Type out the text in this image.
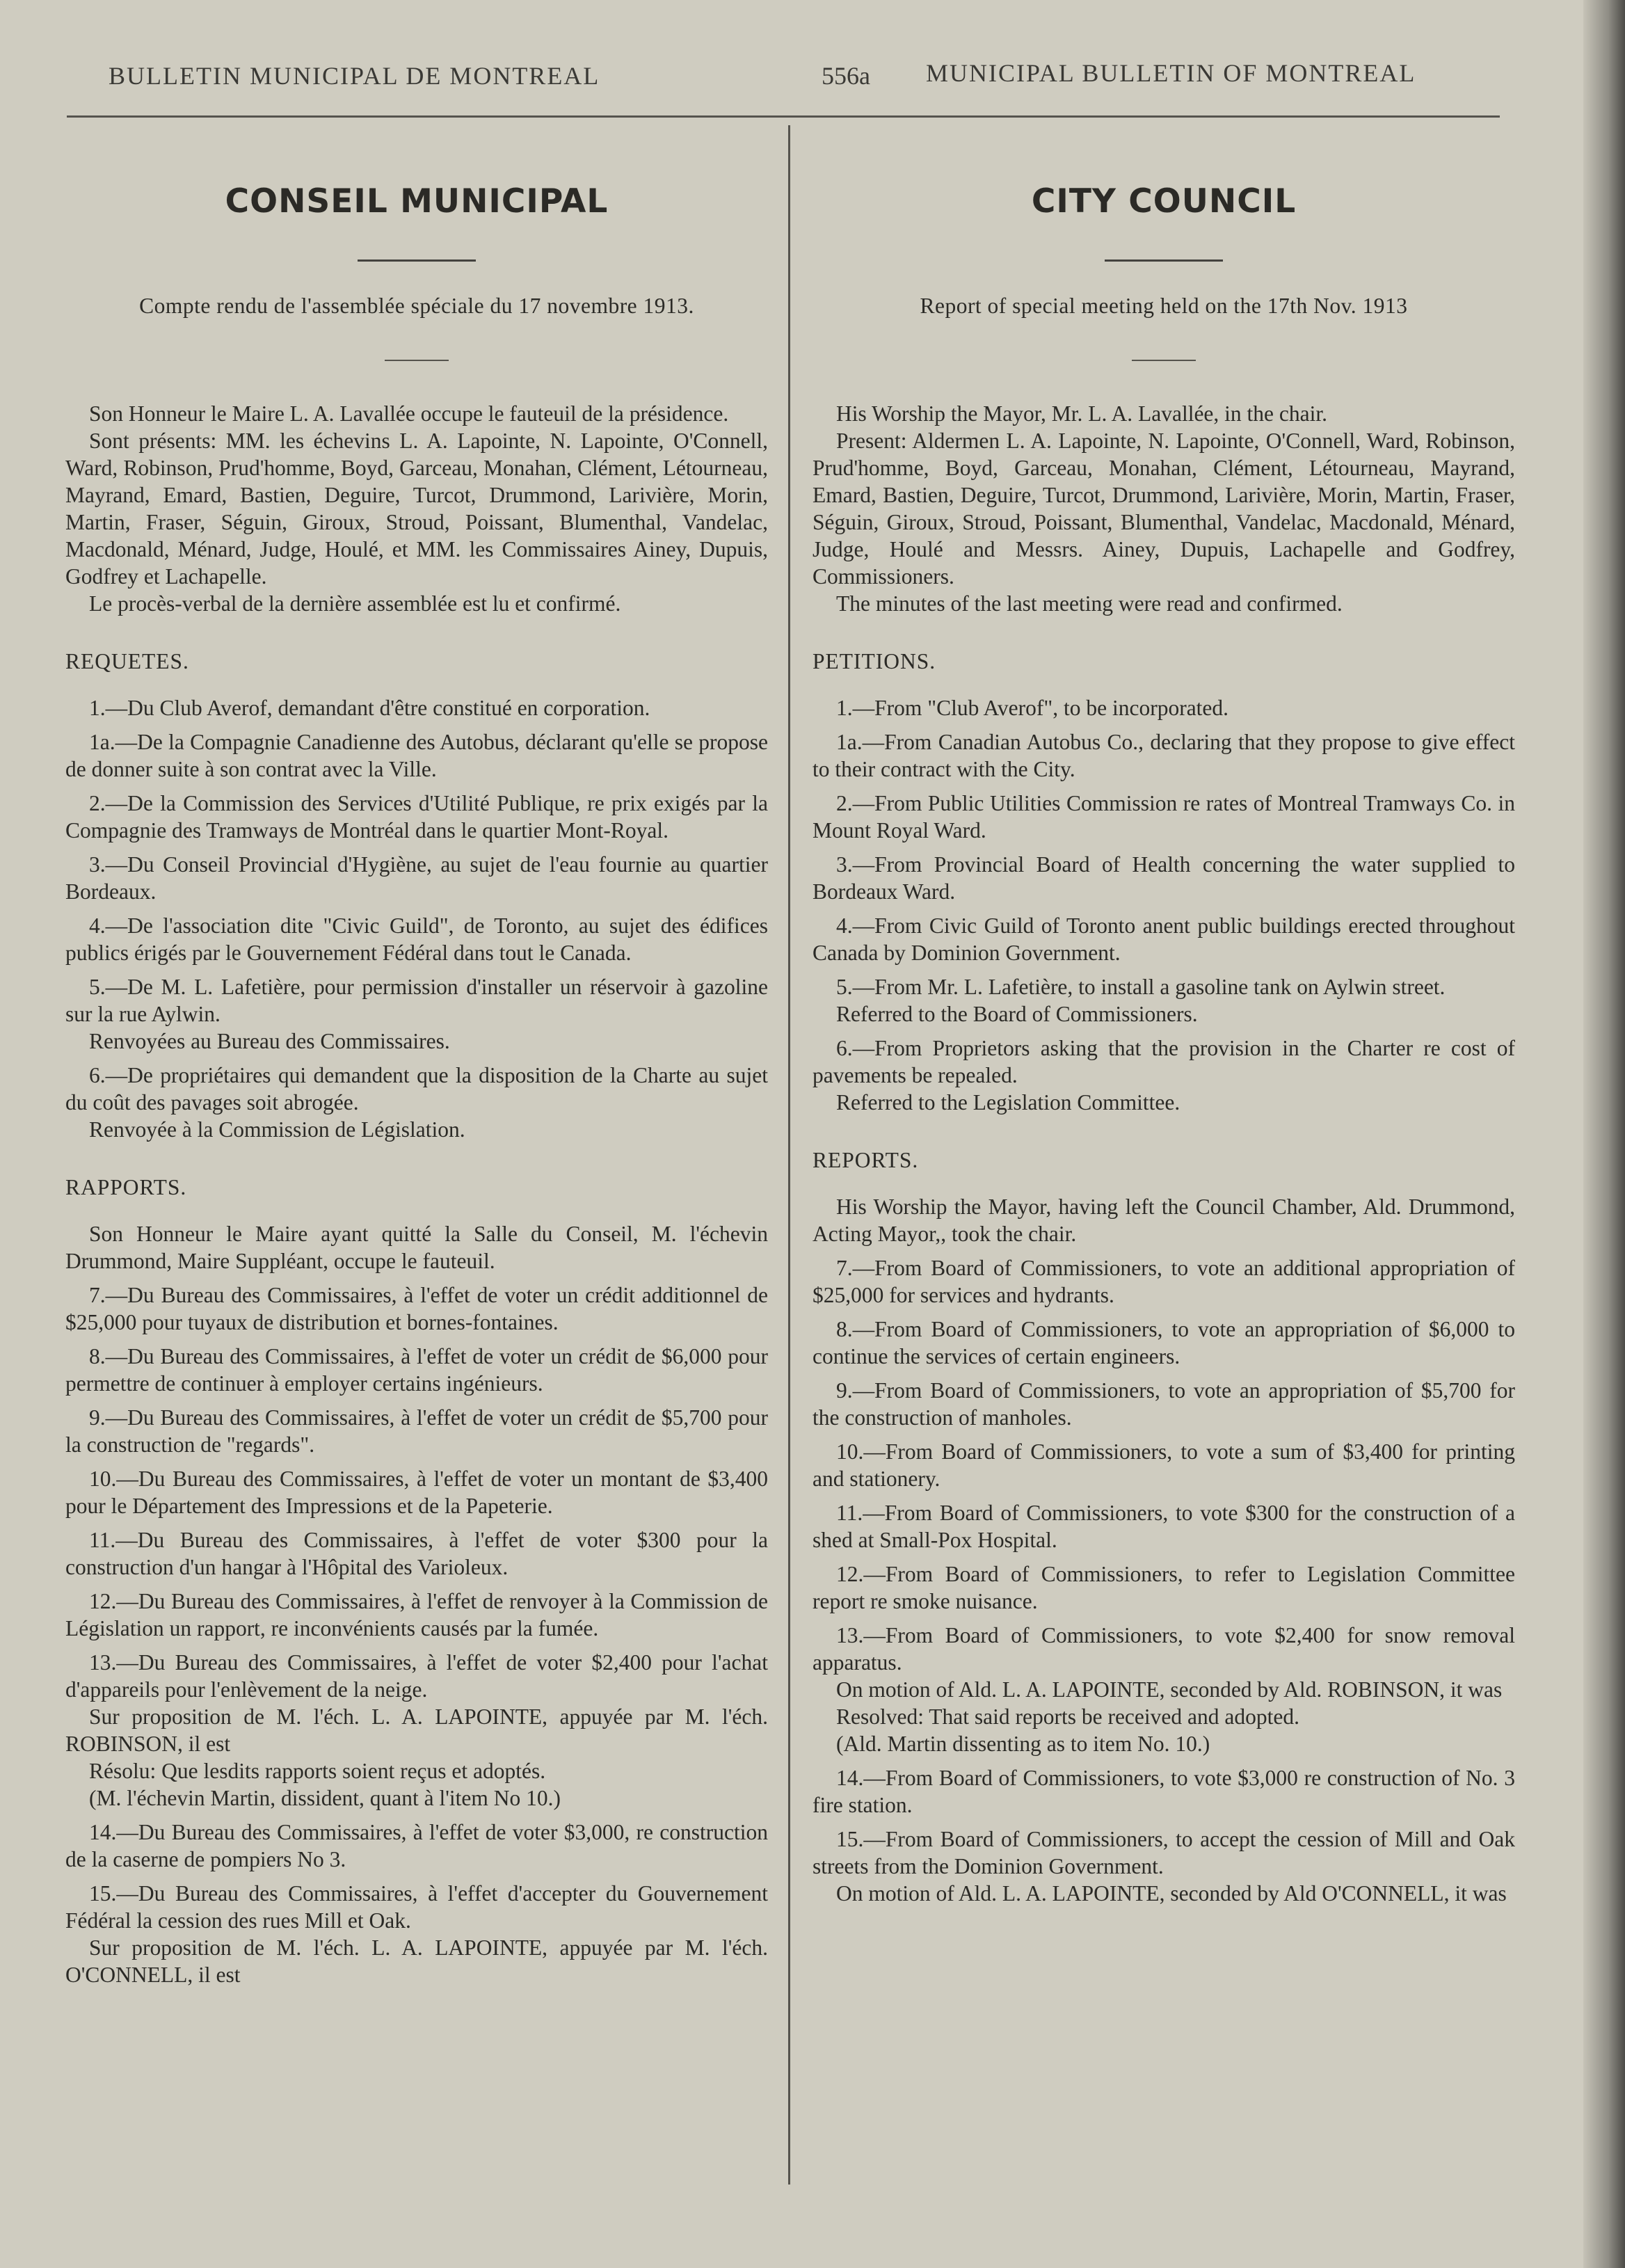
BULLETIN MUNICIPAL DE MONTREAL	556a MUNICIPAL BULLETIN OF MONTREAL
CONSEIL MUNICIPAL
Compte rendu de l'assemblée spéciale du 17 novembre 1913.

Son Honneur le Maire L. A. Lavallée occupe le fauteuil de la présidence.

Sont présents: MM. les échevins L. A. Lapointe, N. Lapointe, O'Connell, Ward, Robinson, Prud'homme, Boyd, Garceau, Monahan, Clément, Létourneau, Mayrand, Emard, Bastien, Deguire, Turcot, Drummond, Larivière, Morin, Martin, Fraser, Séguin, Giroux, Stroud, Poissant, Blumenthal, Vandelac, Macdonald, Ménard, Judge, Houlé, et MM. les Commissaires Ainey, Dupuis, Godfrey et Lachapelle.

Le procès-verbal de la dernière assemblée est lu et confirmé.

REQUETES.

1.—Du Club Averof, demandant d'être constitué en corporation.

1a.—De la Compagnie Canadienne des Autobus, déclarant qu'elle se propose de donner suite à son contrat avec la Ville.

2.—De la Commission des Services d'Utilité Publique, re prix exigés par la Compagnie des Tramways de Montréal dans le quartier Mont-Royal.

3.—Du Conseil Provincial d'Hygiène, au sujet de l'eau fournie au quartier Bordeaux.

4.—De l'association dite "Civic Guild", de Toronto, au sujet des édifices publics érigés par le Gouvernement Fédéral dans tout le Canada.

5.—De M. L. Lafetière, pour permission d'installer un réservoir à gazoline sur la rue Aylwin.

Renvoyées au Bureau des Commissaires.

6.—De propriétaires qui demandent que la disposition de la Charte au sujet du coût des pavages soit abrogée.

Renvoyée à la Commission de Législation.

RAPPORTS.

Son Honneur le Maire ayant quitté la Salle du Conseil, M. l'échevin Drummond, Maire Suppléant, occupe le fauteuil.

7.—Du Bureau des Commissaires, à l'effet de voter un crédit additionnel de $25,000 pour tuyaux de distribution et bornes-fontaines.

8.—Du Bureau des Commissaires, à l'effet de voter un crédit de $6,000 pour permettre de continuer à employer certains ingénieurs.

9.—Du Bureau des Commissaires, à l'effet de voter un crédit de $5,700 pour la construction de "regards".

10.—Du Bureau des Commissaires, à l'effet de voter un montant de $3,400 pour le Département des Impressions et de la Papeterie.

11.—Du Bureau des Commissaires, à l'effet de voter $300 pour la construction d'un hangar à l'Hôpital des Varioleux.

12.—Du Bureau des Commissaires, à l'effet de renvoyer à la Commission de Législation un rapport, re inconvénients causés par la fumée.

13.—Du Bureau des Commissaires, à l'effet de voter $2,400 pour l'achat d'appareils pour l'enlèvement de la neige.

Sur proposition de M. l'éch. L. A. LAPOINTE, appuyée par M. l'éch. ROBINSON, il est

Résolu: Que lesdits rapports soient reçus et adoptés.

(M. l'échevin Martin, dissident, quant à l'item No 10.)

14.—Du Bureau des Commissaires, à l'effet de voter $3,000, re construction de la caserne de pompiers No 3.

15.—Du Bureau des Commissaires, à l'effet d'accepter du Gouvernement Fédéral la cession des rues Mill et Oak.

Sur proposition de M. l'éch. L. A. LAPOINTE, appuyée par M. l'éch. O'CONNELL, il est

CITY COUNCIL
Report of special meeting held on the 17th Nov. 1913

His Worship the Mayor, Mr. L. A. Lavallée, in the chair.

Present: Aldermen L. A. Lapointe, N. Lapointe, O'Connell, Ward, Robinson, Prud'homme, Boyd, Garceau, Monahan, Clément, Létourneau, Mayrand, Emard, Bastien, Deguire, Turcot, Drummond, Larivière, Morin, Martin, Fraser, Séguin, Giroux, Stroud, Poissant, Blumenthal, Vandelac, Macdonald, Ménard, Judge, Houlé and Messrs. Ainey, Dupuis, Lachapelle and Godfrey, Commissioners.

The minutes of the last meeting were read and confirmed.

PETITIONS.

1.—From "Club Averof", to be incorporated.

1a.—From Canadian Autobus Co., declaring that they propose to give effect to their contract with the City.

2.—From Public Utilities Commission re rates of Montreal Tramways Co. in Mount Royal Ward.

3.—From Provincial Board of Health concerning the water supplied to Bordeaux Ward.

4.—From Civic Guild of Toronto anent public buildings erected throughout Canada by Dominion Government.

5.—From Mr. L. Lafetière, to install a gasoline tank on Aylwin street.

Referred to the Board of Commissioners.

6.—From Proprietors asking that the provision in the Charter re cost of pavements be repealed.

Referred to the Legislation Committee.

REPORTS.

His Worship the Mayor, having left the Council Chamber, Ald. Drummond, Acting Mayor,, took the chair.

7.—From Board of Commissioners, to vote an additional appropriation of $25,000 for services and hydrants.

8.—From Board of Commissioners, to vote an appropriation of $6,000 to continue the services of certain engineers.

9.—From Board of Commissioners, to vote an appropriation of $5,700 for the construction of manholes.

10.—From Board of Commissioners, to vote a sum of $3,400 for printing and stationery.

11.—From Board of Commissioners, to vote $300 for the construction of a shed at Small-Pox Hospital.

12.—From Board of Commissioners, to refer to Legislation Committee report re smoke nuisance.

13.—From Board of Commissioners, to vote $2,400 for snow removal apparatus.

On motion of Ald. L. A. LAPOINTE, seconded by Ald. ROBINSON, it was

Resolved: That said reports be received and adopted.

(Ald. Martin dissenting as to item No. 10.)

14.—From Board of Commissioners, to vote $3,000 re construction of No. 3 fire station.

15.—From Board of Commissioners, to accept the cession of Mill and Oak streets from the Dominion Government.

On motion of Ald. L. A. LAPOINTE, seconded by Ald O'CONNELL, it was
